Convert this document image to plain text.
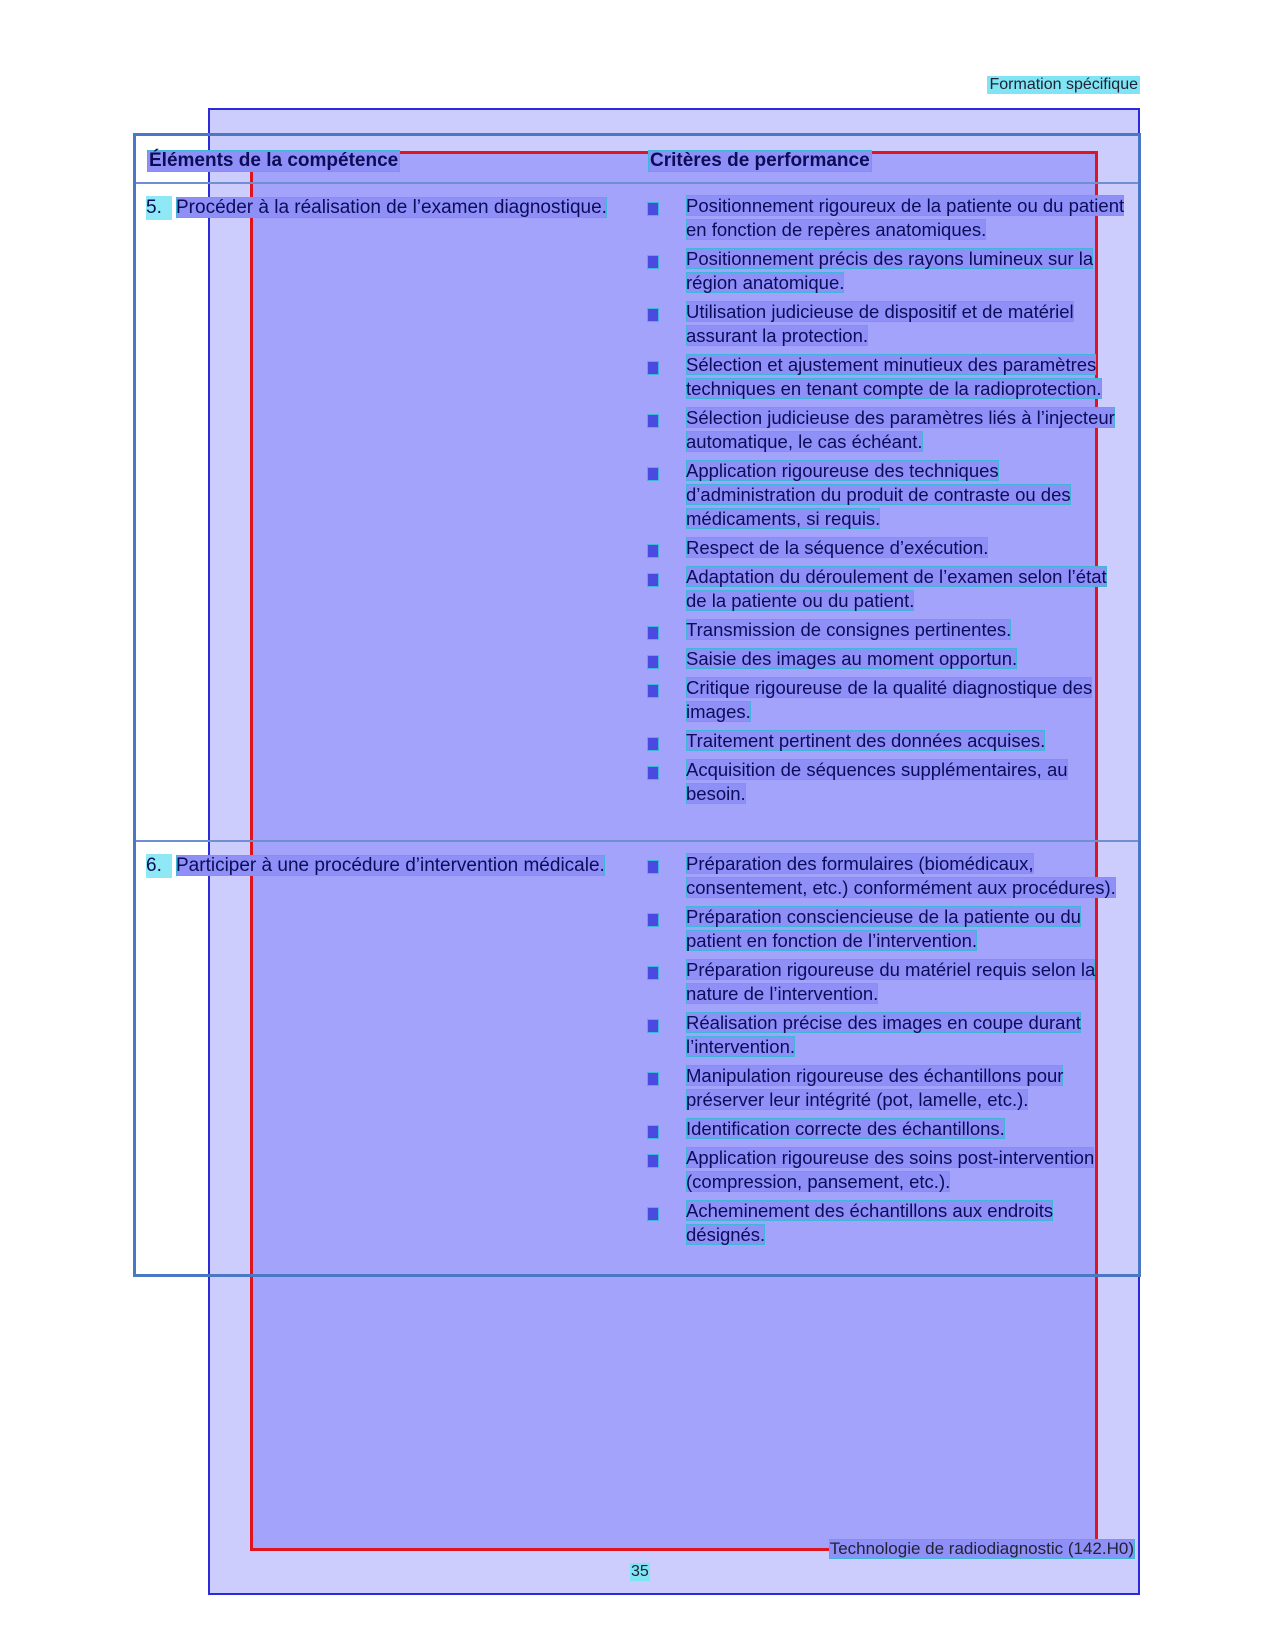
Formation spécifique
Éléments de la compétence	Critères de performance
5. Procéder à la réalisation de l’examen diagnostique.	Positionnement rigoureux de la patiente ou du patient en fonction de repères anatomiques.
Positionnement précis des rayons lumineux sur la région anatomique.
Utilisation judicieuse de dispositif et de matériel assurant la protection.
Sélection et ajustement minutieux des paramètres techniques en tenant compte de la radioprotection.
Sélection judicieuse des paramètres liés à l’injecteur automatique, le cas échéant.
Application rigoureuse des techniques d’administration du produit de contraste ou des médicaments, si requis.
Respect de la séquence d’exécution.
Adaptation du déroulement de l’examen selon l’état de la patiente ou du patient.
Transmission de consignes pertinentes.
Saisie des images au moment opportun.
Critique rigoureuse de la qualité diagnostique des images.
Traitement pertinent des données acquises.
Acquisition de séquences supplémentaires, au besoin.
6. Participer à une procédure d’intervention médicale.	Préparation des formulaires (biomédicaux, consentement, etc.) conformément aux procédures).
Préparation consciencieuse de la patiente ou du patient en fonction de l’intervention.
Préparation rigoureuse du matériel requis selon la nature de l’intervention.
Réalisation précise des images en coupe durant l’intervention.
Manipulation rigoureuse des échantillons pour préserver leur intégrité (pot, lamelle, etc.).
Identification correcte des échantillons.
Application rigoureuse des soins post-intervention (compression, pansement, etc.).
Acheminement des échantillons aux endroits désignés.
Technologie de radiodiagnostic (142.H0)
35
